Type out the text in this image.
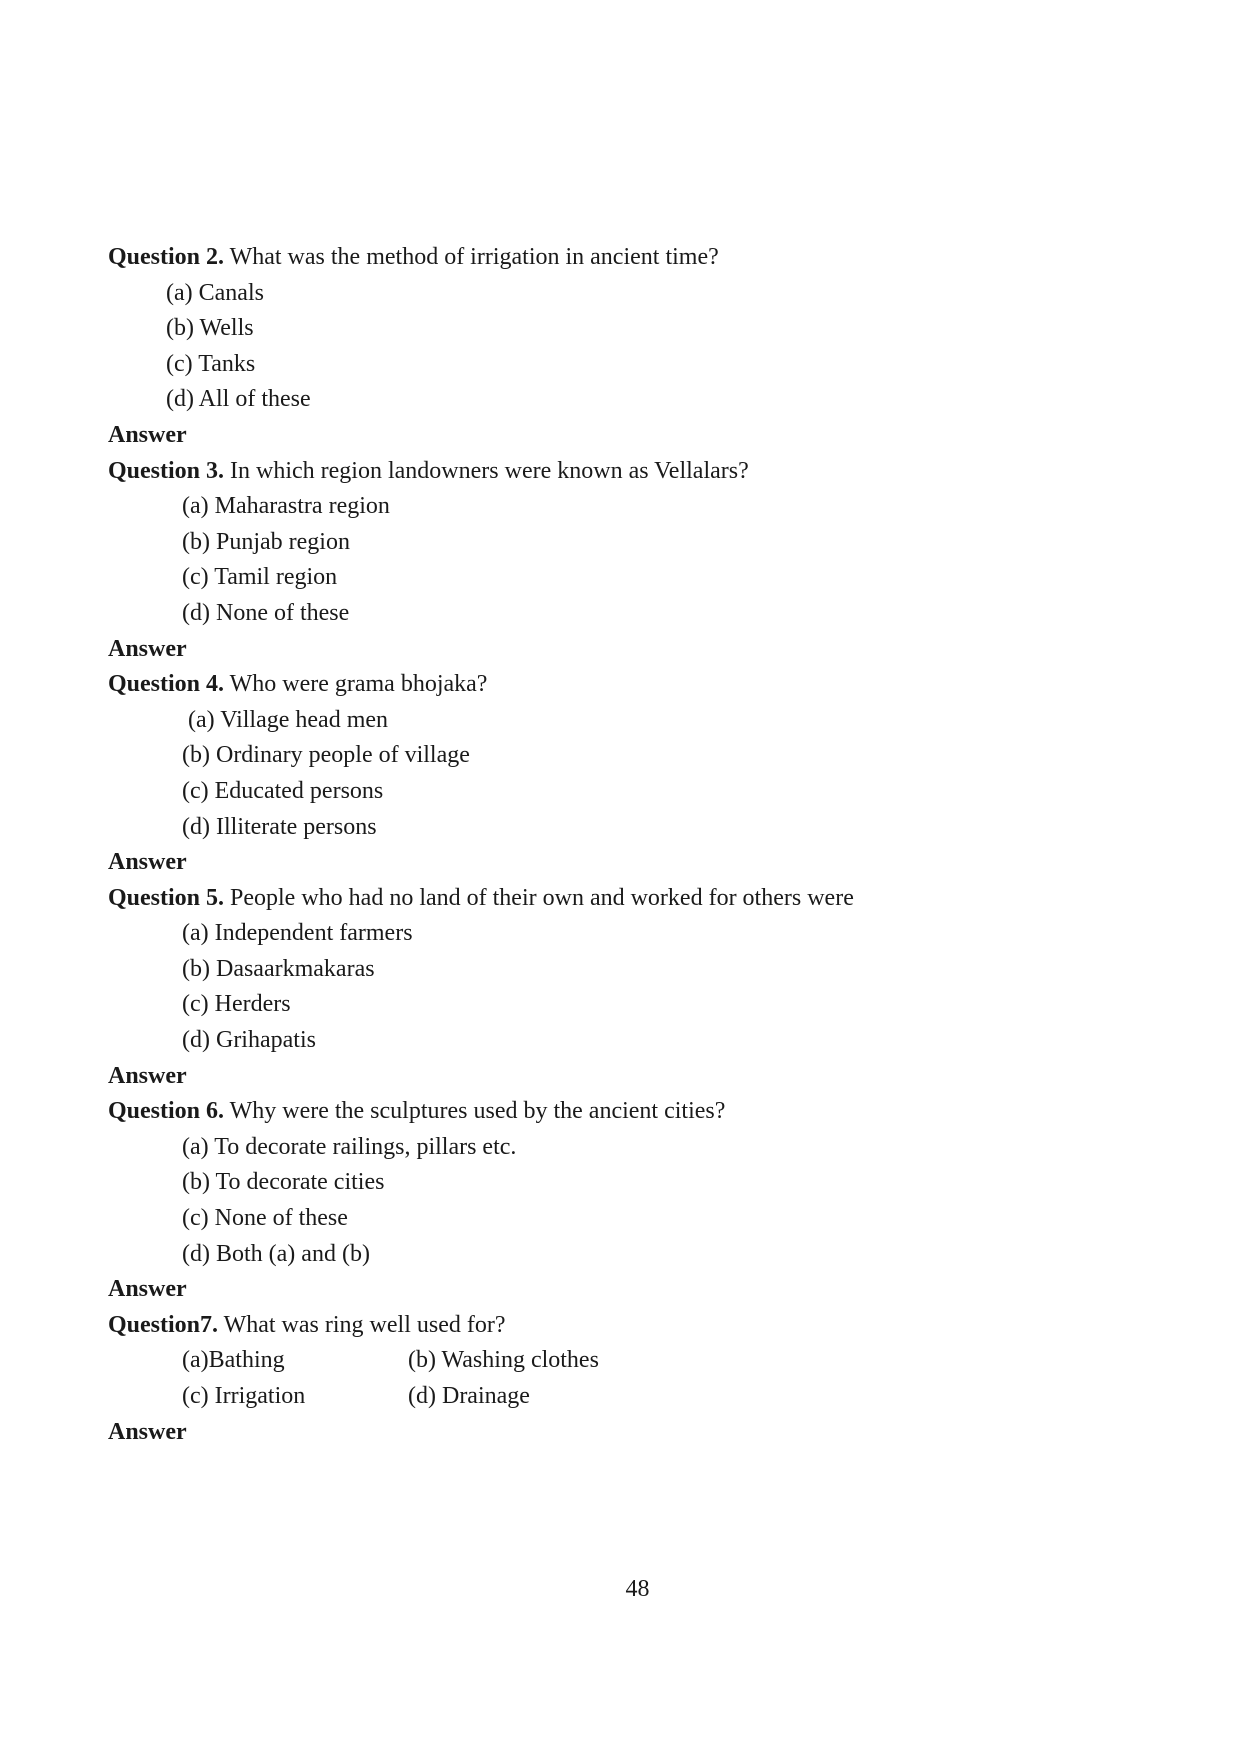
Question 2. What was the method of irrigation in ancient time?
(a) Canals
(b) Wells
(c) Tanks
(d) All of these
Answer
Question 3. In which region landowners were known as Vellalars?
(a) Maharastra region
(b) Punjab region
(c) Tamil region
(d) None of these
Answer
Question 4. Who were grama bhojaka?
(a) Village head men
(b) Ordinary people of village
(c) Educated persons
(d) Illiterate persons
Answer
Question 5. People who had no land of their own and worked for others were
(a) Independent farmers
(b) Dasaarkmakaras
(c) Herders
(d) Grihapatis
Answer
Question 6. Why were the sculptures used by the ancient cities?
(a) To decorate railings, pillars etc.
(b) To decorate cities
(c) None of these
(d) Both (a) and (b)
Answer
Question7. What was ring well used for?
(a)Bathing	(b) Washing clothes
(c) Irrigation	(d) Drainage
Answer
48
